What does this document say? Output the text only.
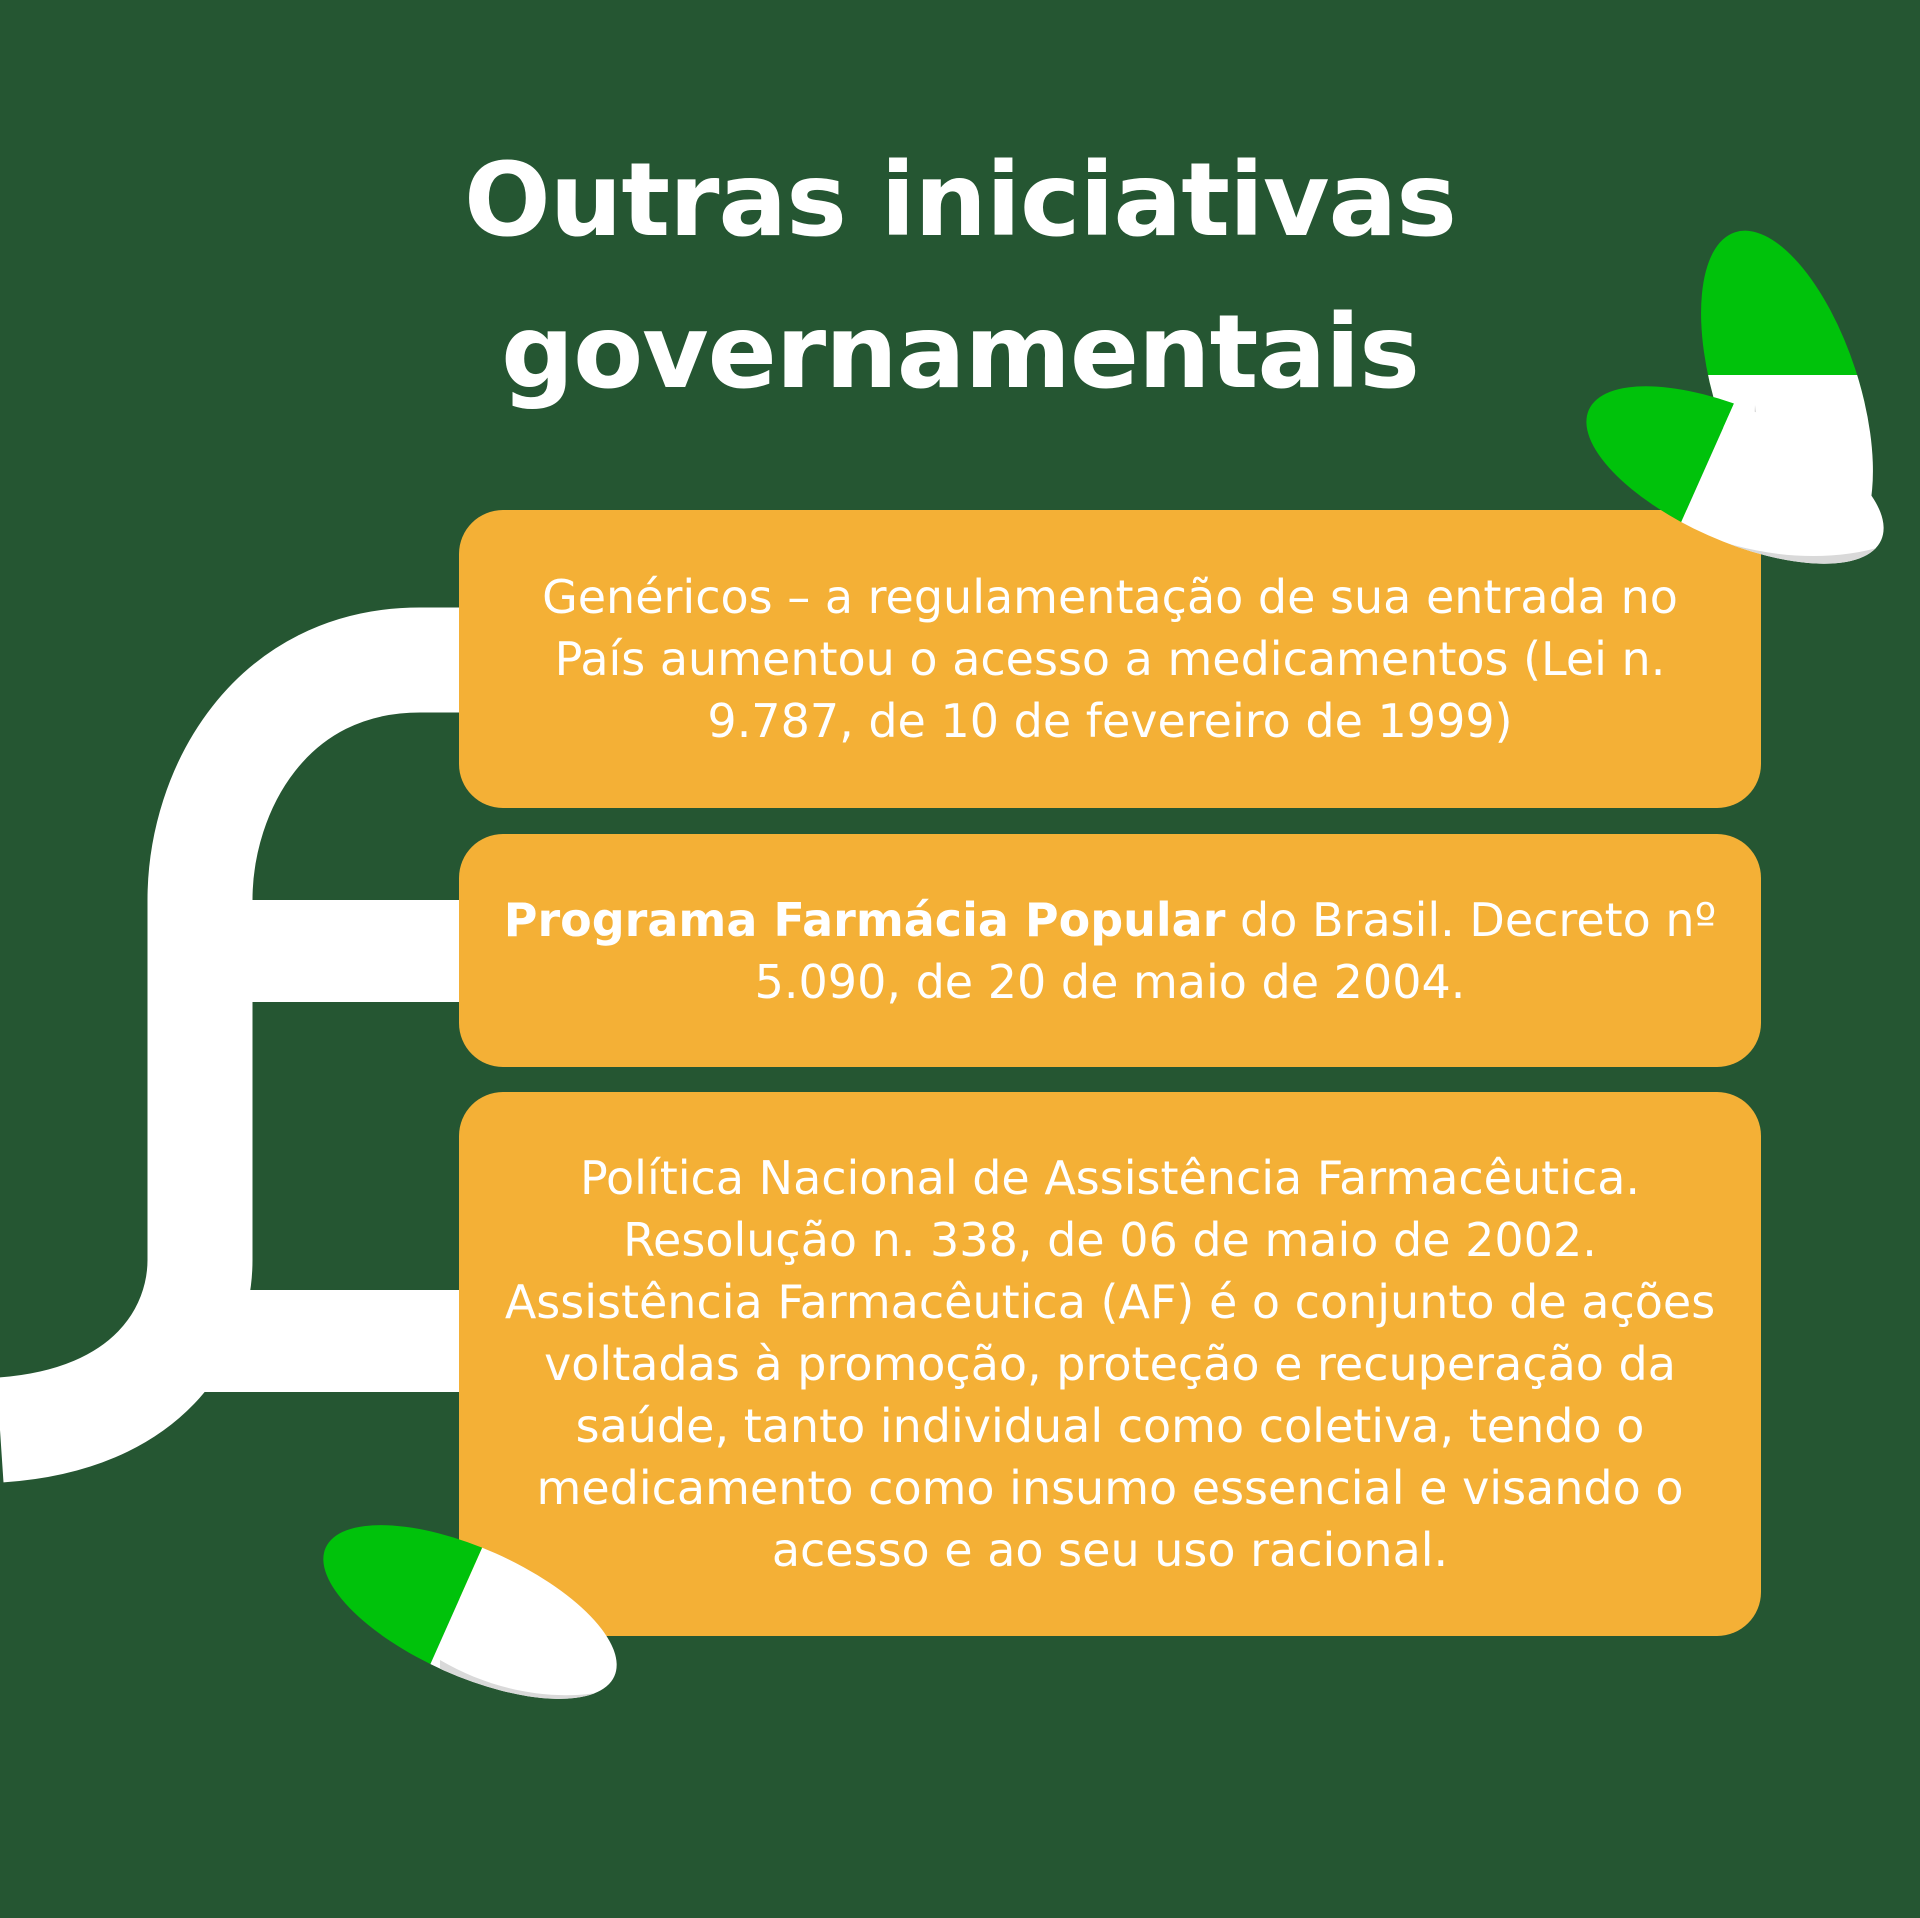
Outras iniciativas
governamentais

Genéricos – a regulamentação de sua entrada no País aumentou o acesso a medicamentos (Lei n. 9.787, de 10 de fevereiro de 1999)

Programa Farmácia Popular do Brasil. Decreto nº 5.090, de 20 de maio de 2004.

Política Nacional de Assistência Farmacêutica. Resolução n. 338, de 06 de maio de 2002. Assistência Farmacêutica (AF) é o conjunto de ações voltadas à promoção, proteção e recuperação da saúde, tanto individual como coletiva, tendo o medicamento como insumo essencial e visando o acesso e ao seu uso racional.
